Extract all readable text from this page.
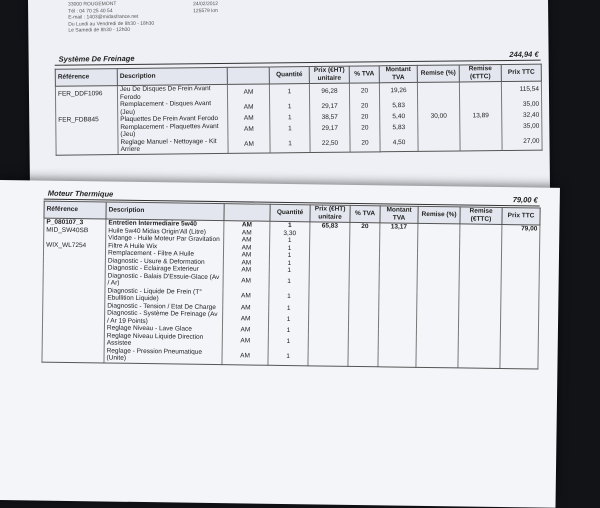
33000 ROUGEMONT
Tél : 04 70 25 40 54
E-mail : 1403@midasfrance.net
Du Lundi au Vendredi de 8h30 - 18h30
Le Samedi de 8h30 - 12h00
24/02/2012
125579 km
Système De Freinage	244,94 €
Référence	Description		Quantité	Prix (€HT) unitaire	% TVA	Montant TVA	Remise (%)	Remise (€TTC)	Prix TTC
FER_DDF1096	Jeu De Disques De Frein Avant Ferodo	AM	1	96,28	20	19,26			115,54
	Remplacement - Disques Avant (Jeu)	AM	1	29,17	20	5,83			35,00
FER_FDB845	Plaquettes De Frein Avant Ferodo	AM	1	38,57	20	5,40	30,00	13,89	32,40
	Remplacement - Plaquettes Avant (Jeu)	AM	1	29,17	20	5,83			35,00
	Reglage Manuel - Nettoyage - Kit Arriere	AM	1	22,50	20	4,50			27,00
Moteur Thermique
79,00 €
Référence	Description		Quantité	Prix (€HT) unitaire	% TVA	Montant TVA	Remise (%)	Remise (€TTC)	Prix TTC
P_080107_3	Entretien Intermediaire 5w40	AM	1	65,83	20	13,17			79,00
MID_SW40SB	Huile 5w40 Midas Origin'All (Litre)	AM	3,30						
	Vidange - Huile Moteur Par Gravitation	AM	1						
WIX_WL7254	Filtre A Huile Wix	AM	1						
	Remplacement - Filtre A Huile	AM	1						
	Diagnostic - Usure & Deformation	AM	1						
	Diagnostic - Eclairage Exterieur	AM	1						
	Diagnostic - Balais D'Essuie-Glace (Av / Ar)	AM	1						
	Diagnostic - Liquide De Frein (T° Ebullition Liquide)	AM	1						
	Diagnostic - Tension / Etat De Charge	AM	1						
	Diagnostic - Système De Freinage (Av / Ar 19 Points)	AM	1						
	Reglage Niveau - Lave Glace	AM	1						
	Reglage Niveau Liquide Direction Assistee	AM	1						
	Reglage - Pression Pneumatique (Unite)	AM	1						
